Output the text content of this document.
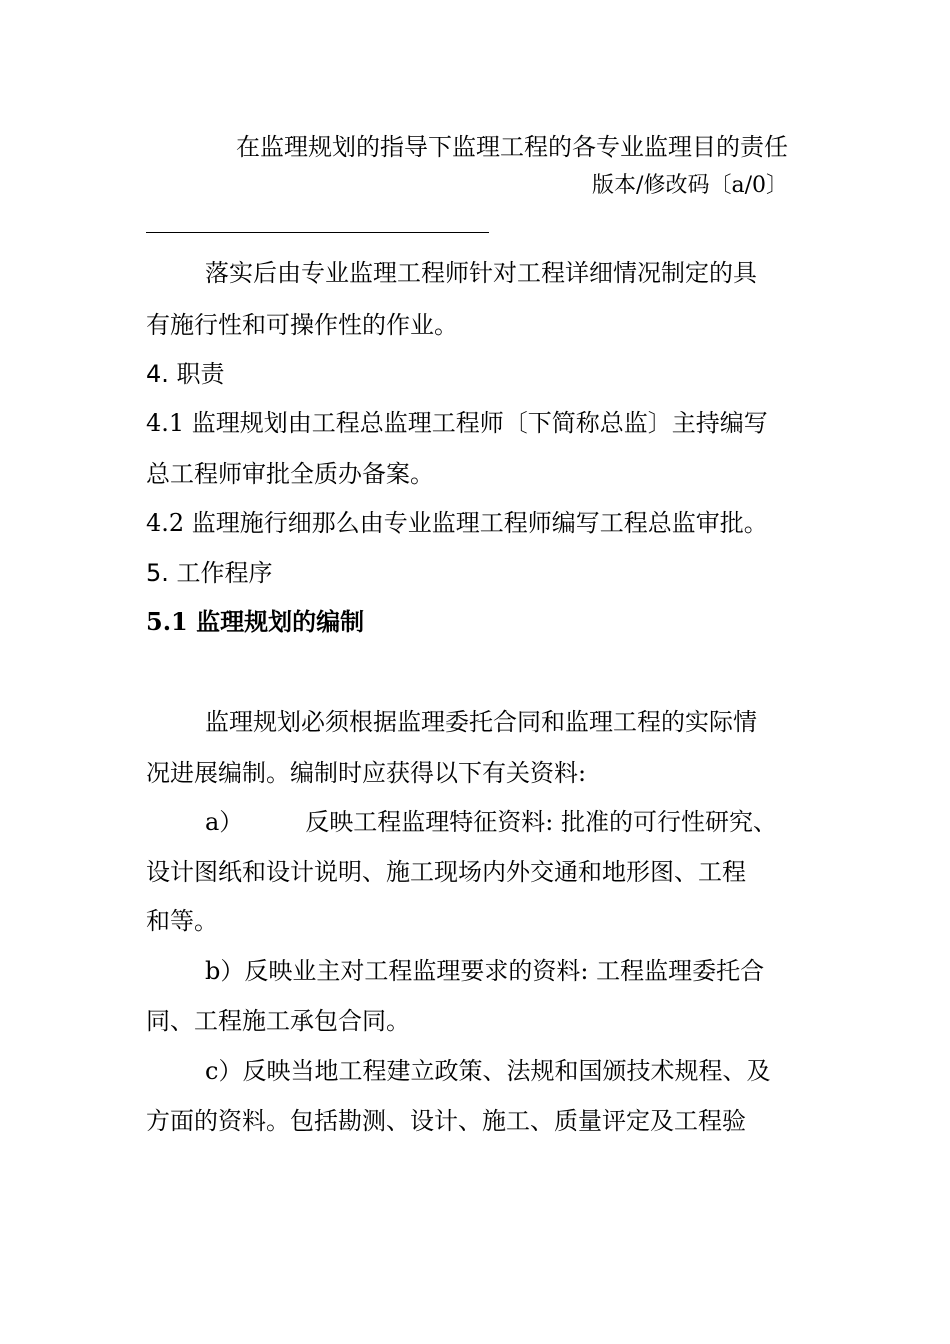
在监理规划的指导下监理工程的各专业监理目的责任
版本/修改码〔a/0〕
落实后由专业监理工程师针对工程详细情况制定的具
有施行性和可操作性的作业。
4. 职责
4.1 监理规划由工程总监理工程师〔下简称总监〕主持编写
总工程师审批全质办备案。
4.2 监理施行细那么由专业监理工程师编写工程总监审批。
5. 工作程序
5.1 监理规划的编制
监理规划必须根据监理委托合同和监理工程的实际情
况进展编制。编制时应获得以下有关资料:
a）	反映工程监理特征资料: 批准的可行性研究、
设计图纸和设计说明、施工现场内外交通和地形图、工程
和等。
b）反映业主对工程监理要求的资料: 工程监理委托合
同、工程施工承包合同。
c）反映当地工程建立政策、法规和国颁技术规程、及
方面的资料。包括勘测、设计、施工、质量评定及工程验
